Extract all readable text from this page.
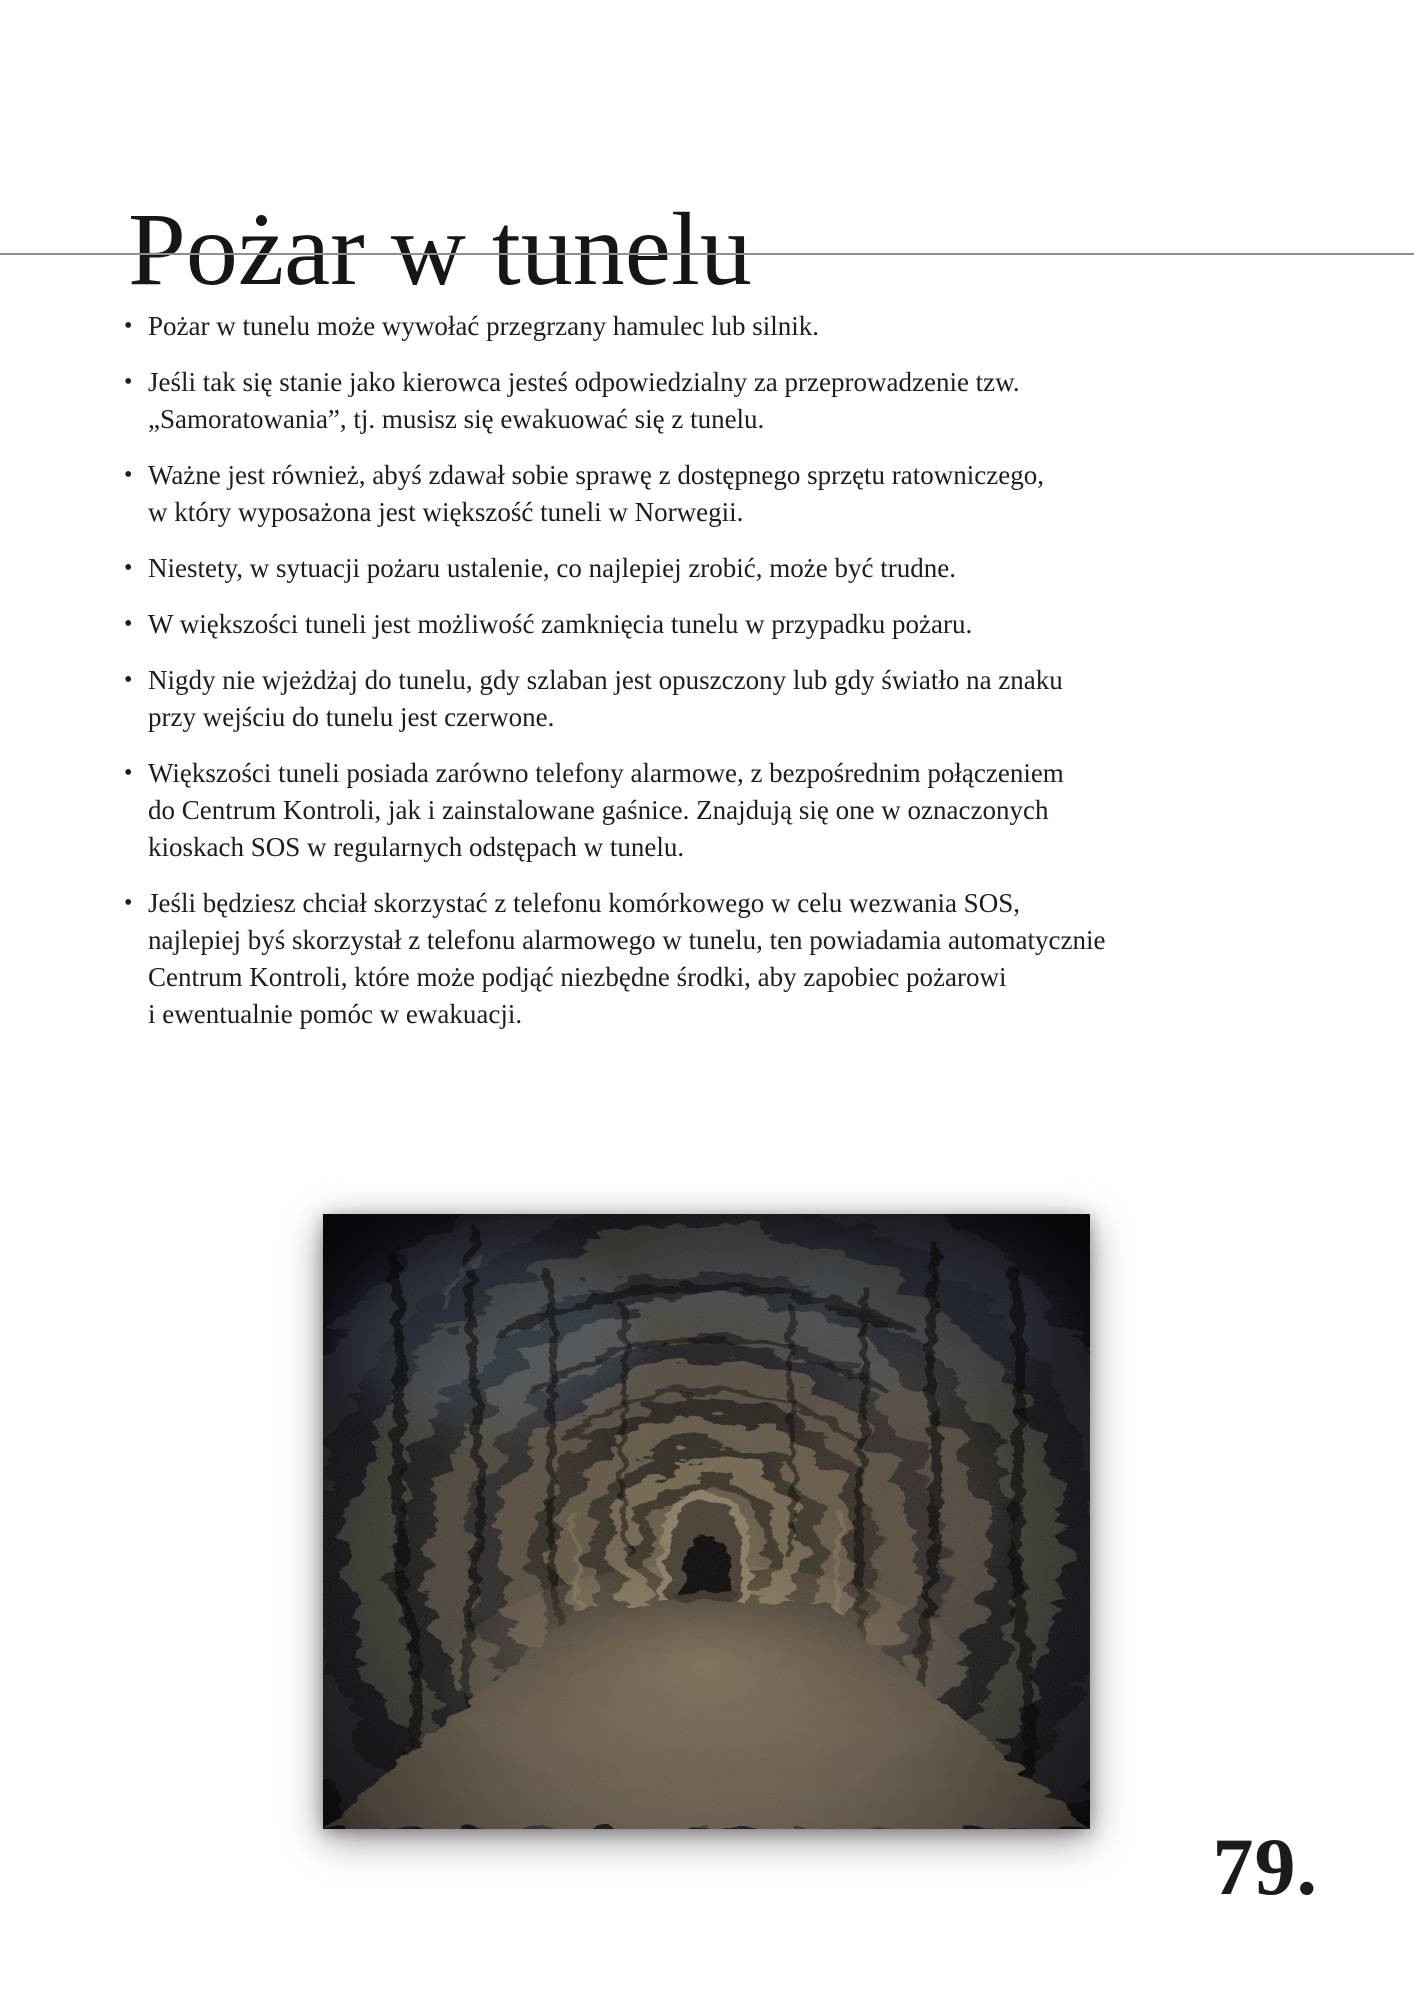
Pożar w tunelu
• Pożar w tunelu może wywołać przegrzany hamulec lub silnik.
• Jeśli tak się stanie jako kierowca jesteś odpowiedzialny za przeprowadzenie tzw.
„Samoratowania”, tj. musisz się ewakuować się z tunelu.
• Ważne jest również, abyś zdawał sobie sprawę z dostępnego sprzętu ratowniczego,
w który wyposażona jest większość tuneli w Norwegii.
• Niestety, w sytuacji pożaru ustalenie, co najlepiej zrobić, może być trudne.
• W większości tuneli jest możliwość zamknięcia tunelu w przypadku pożaru.
• Nigdy nie wjeżdżaj do tunelu, gdy szlaban jest opuszczony lub gdy światło na znaku
przy wejściu do tunelu jest czerwone.
• Większości tuneli posiada zarówno telefony alarmowe, z bezpośrednim połączeniem
do Centrum Kontroli, jak i zainstalowane gaśnice. Znajdują się one w oznaczonych
kioskach SOS w regularnych odstępach w tunelu.
• Jeśli będziesz chciał skorzystać z telefonu komórkowego w celu wezwania SOS,
najlepiej byś skorzystał z telefonu alarmowego w tunelu, ten powiadamia automatycznie
Centrum Kontroli, które może podjąć niezbędne środki, aby zapobiec pożarowi
i ewentualnie pomóc w ewakuacji.
79.
